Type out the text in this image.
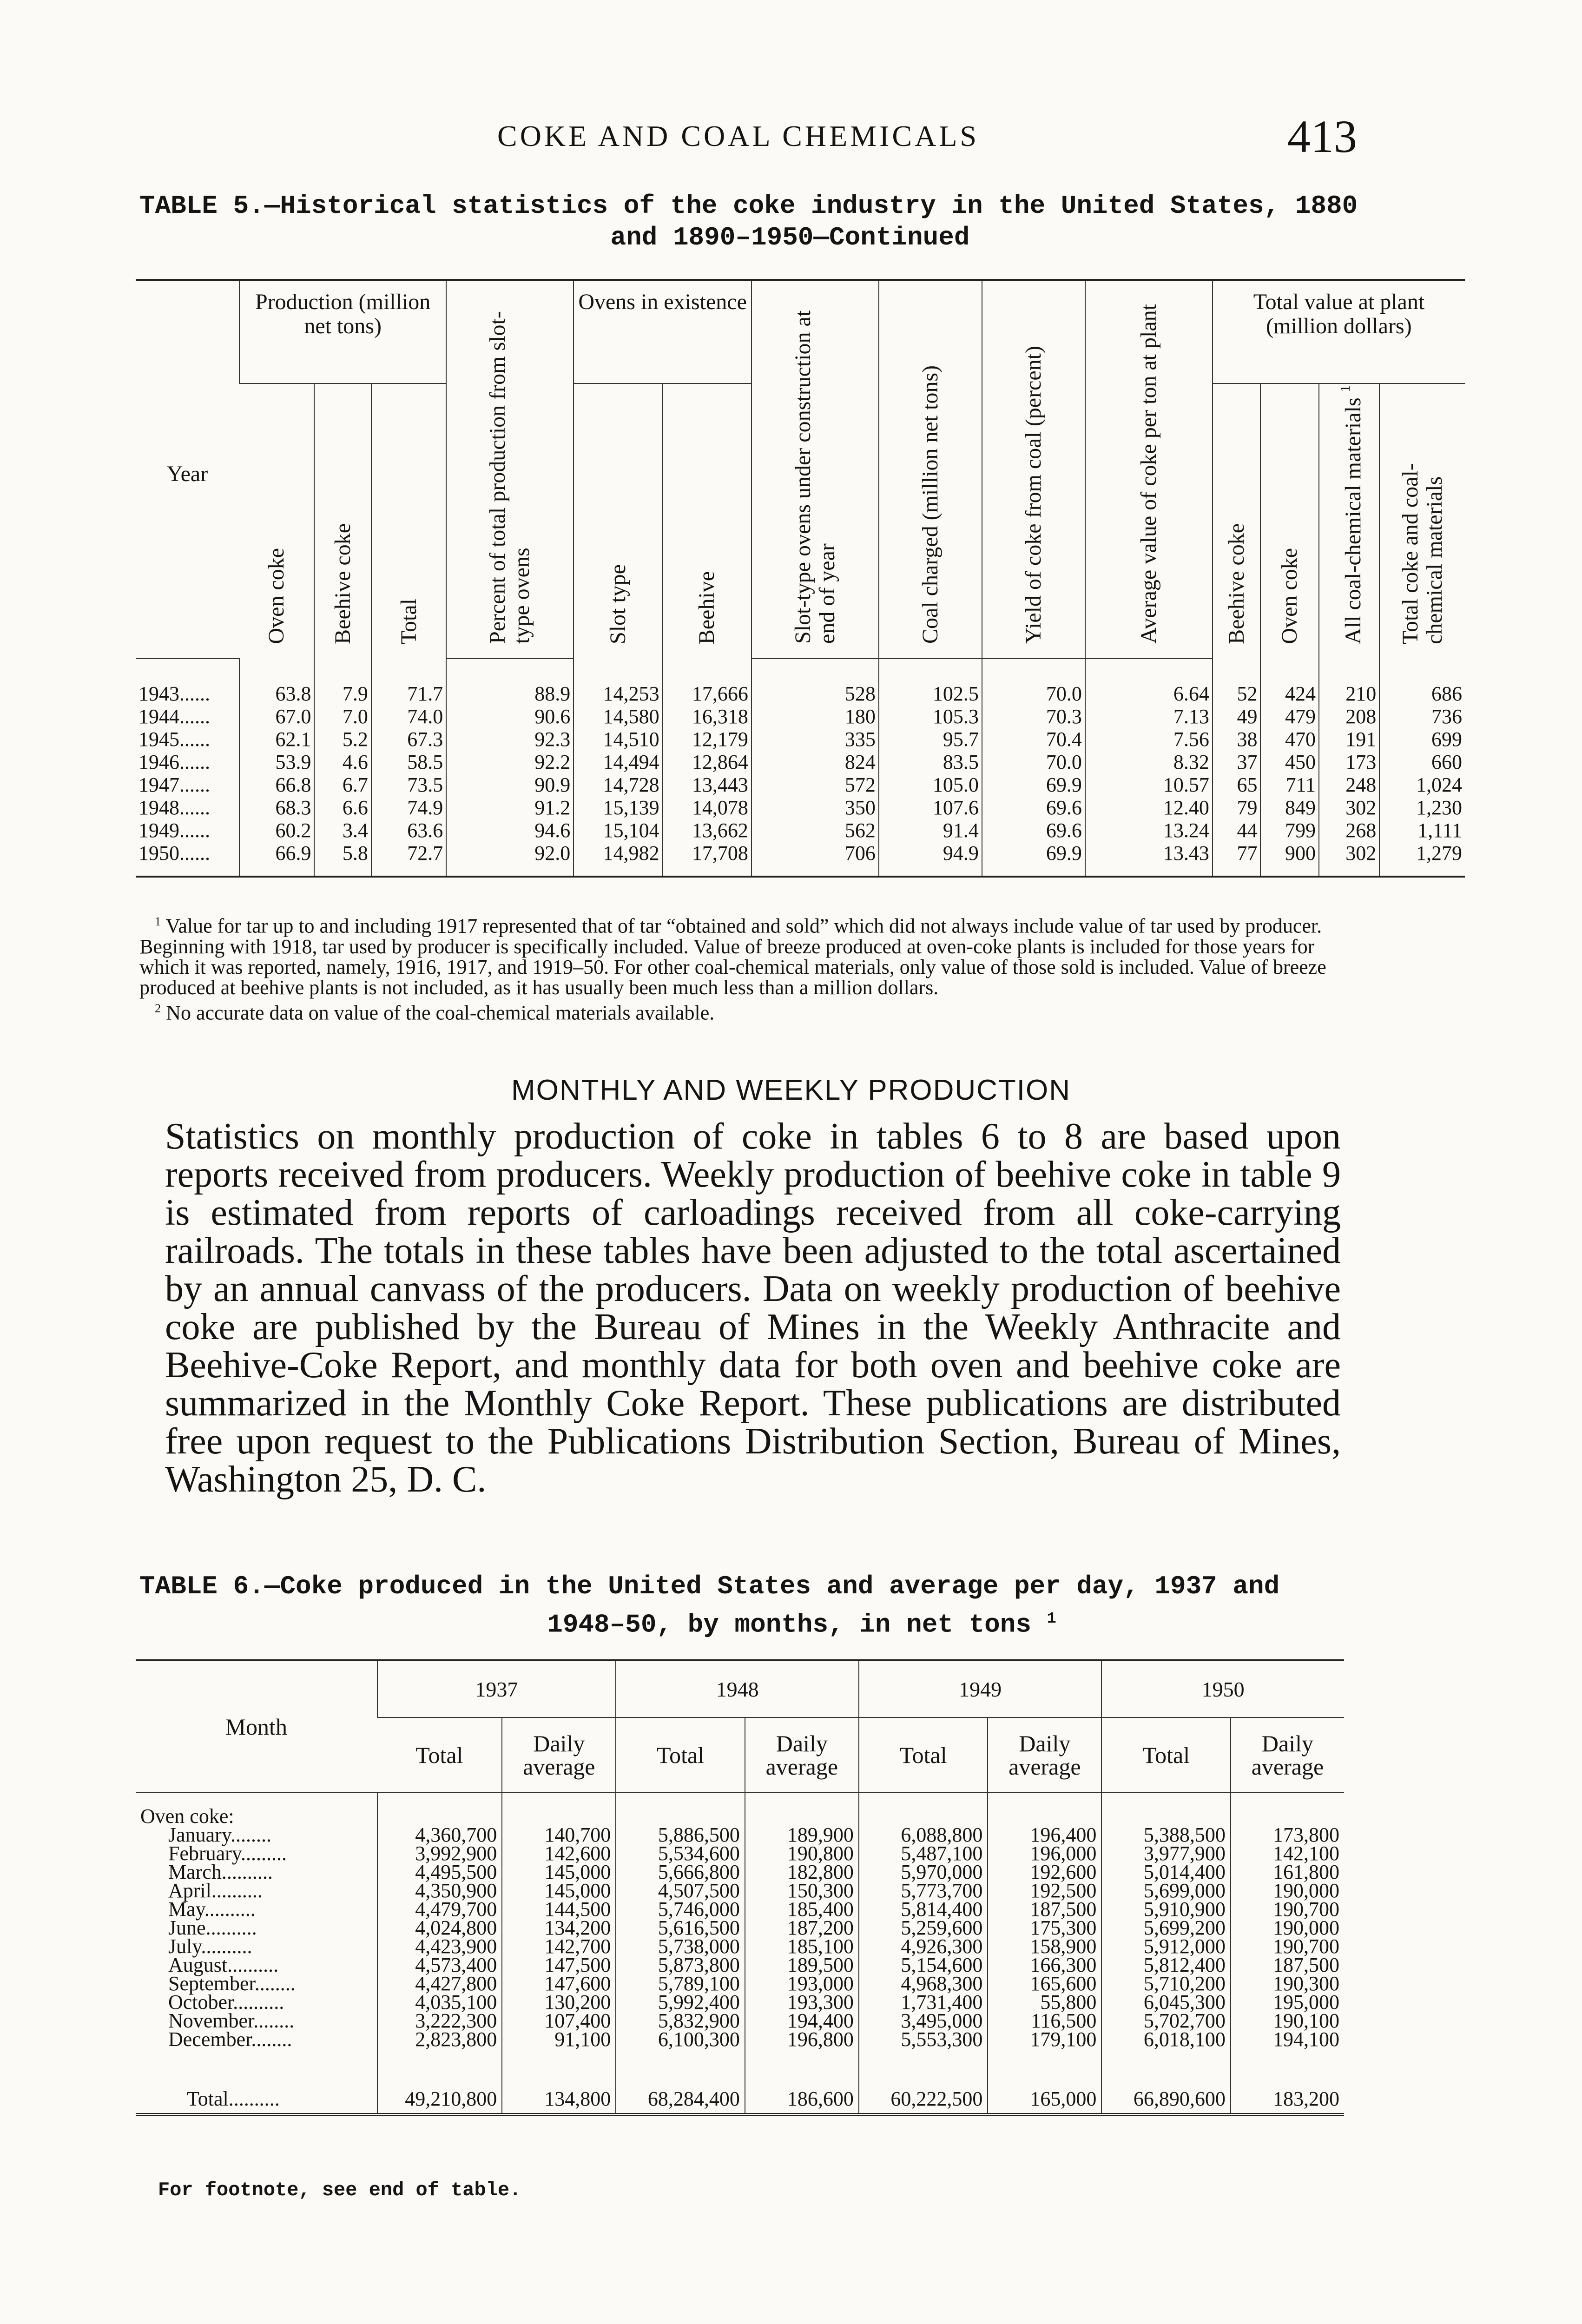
COKE AND COAL CHEMICALS	413
TABLE 5.—Historical statistics of the coke industry in the United States, 1880
and 1890–1950—Continued
Year	Production (million net tons)			Percent of total production from slot-type ovens	Ovens in existence		Slot-type ovens under construction at end of year	Coal charged (million net tons)	Yield of coke from coal (percent)	Average value of coke per ton at plant	Total value at plant (million dollars)			
	Oven coke	Beehive coke	Total		Slot type	Beehive					Beehive coke	Oven coke	All coal-chemical materials $^1$	Total coke and coal-chemical materials
1943......	63.8	7.9	71.7	88.9	14,253	17,666	528	102.5	70.0	6.64	52	424	210	686
1944......	67.0	7.0	74.0	90.6	14,580	16,318	180	105.3	70.3	7.13	49	479	208	736
1945......	62.1	5.2	67.3	92.3	14,510	12,179	335	95.7	70.4	7.56	38	470	191	699
1946......	53.9	4.6	58.5	92.2	14,494	12,864	824	83.5	70.0	8.32	37	450	173	660
1947......	66.8	6.7	73.5	90.9	14,728	13,443	572	105.0	69.9	10.57	65	711	248	1,024
1948......	68.3	6.6	74.9	91.2	15,139	14,078	350	107.6	69.6	12.40	79	849	302	1,230
1949......	60.2	3.4	63.6	94.6	15,104	13,662	562	91.4	69.6	13.24	44	799	268	1,111
1950......	66.9	5.8	72.7	92.0	14,982	17,708	706	94.9	69.9	13.43	77	900	302	1,279

$^1$ Value for tar up to and including 1917 represented that of tar “obtained and sold” which did not always include value of tar used by producer. Beginning with 1918, tar used by producer is specifically included. Value of breeze produced at oven-coke plants is included for those years for which it was reported, namely, 1916, 1917, and 1919–50. For other coal-chemical materials, only value of those sold is included. Value of breeze produced at beehive plants is not included, as it has usually been much less than a million dollars.

$^2$ No accurate data on value of the coal-chemical materials available.

MONTHLY AND WEEKLY PRODUCTION
Statistics on monthly production of coke in tables 6 to 8 are based upon reports received from producers. Weekly production of beehive coke in table 9 is estimated from reports of carloadings received from all coke-carrying railroads. The totals in these tables have been adjusted to the total ascertained by an annual canvass of the producers. Data on weekly production of beehive coke are published by the Bureau of Mines in the Weekly Anthracite and Beehive-Coke Report, and monthly data for both oven and beehive coke are summarized in the Monthly Coke Report. These publications are distributed free upon request to the Publications Distribution Section, Bureau of Mines, Washington 25, D. C.
TABLE 6.—Coke produced in the United States and average per day, 1937 and
1948–50, by months, in net tons $^1$
Month	1937		1948		1949		1950	
	Total	Daily average	Total	Daily average	Total	Daily average	Total	Daily average
Oven coke:								
January........	4,360,700	140,700	5,886,500	189,900	6,088,800	196,400	5,388,500	173,800
February.........	3,992,900	142,600	5,534,600	190,800	5,487,100	196,000	3,977,900	142,100
March..........	4,495,500	145,000	5,666,800	182,800	5,970,000	192,600	5,014,400	161,800
April..........	4,350,900	145,000	4,507,500	150,300	5,773,700	192,500	5,699,000	190,000
May..........	4,479,700	144,500	5,746,000	185,400	5,814,400	187,500	5,910,900	190,700
June..........	4,024,800	134,200	5,616,500	187,200	5,259,600	175,300	5,699,200	190,000
July..........	4,423,900	142,700	5,738,000	185,100	4,926,300	158,900	5,912,000	190,700
August..........	4,573,400	147,500	5,873,800	189,500	5,154,600	166,300	5,812,400	187,500
September........	4,427,800	147,600	5,789,100	193,000	4,968,300	165,600	5,710,200	190,300
October..........	4,035,100	130,200	5,992,400	193,300	1,731,400	55,800	6,045,300	195,000
November........	3,222,300	107,400	5,832,900	194,400	3,495,000	116,500	5,702,700	190,100
December........	2,823,800	91,100	6,100,300	196,800	5,553,300	179,100	6,018,100	194,100

Total..........	49,210,800	134,800	68,284,400	186,600	60,222,500	165,000	66,890,600	183,200
For footnote, see end of table.
